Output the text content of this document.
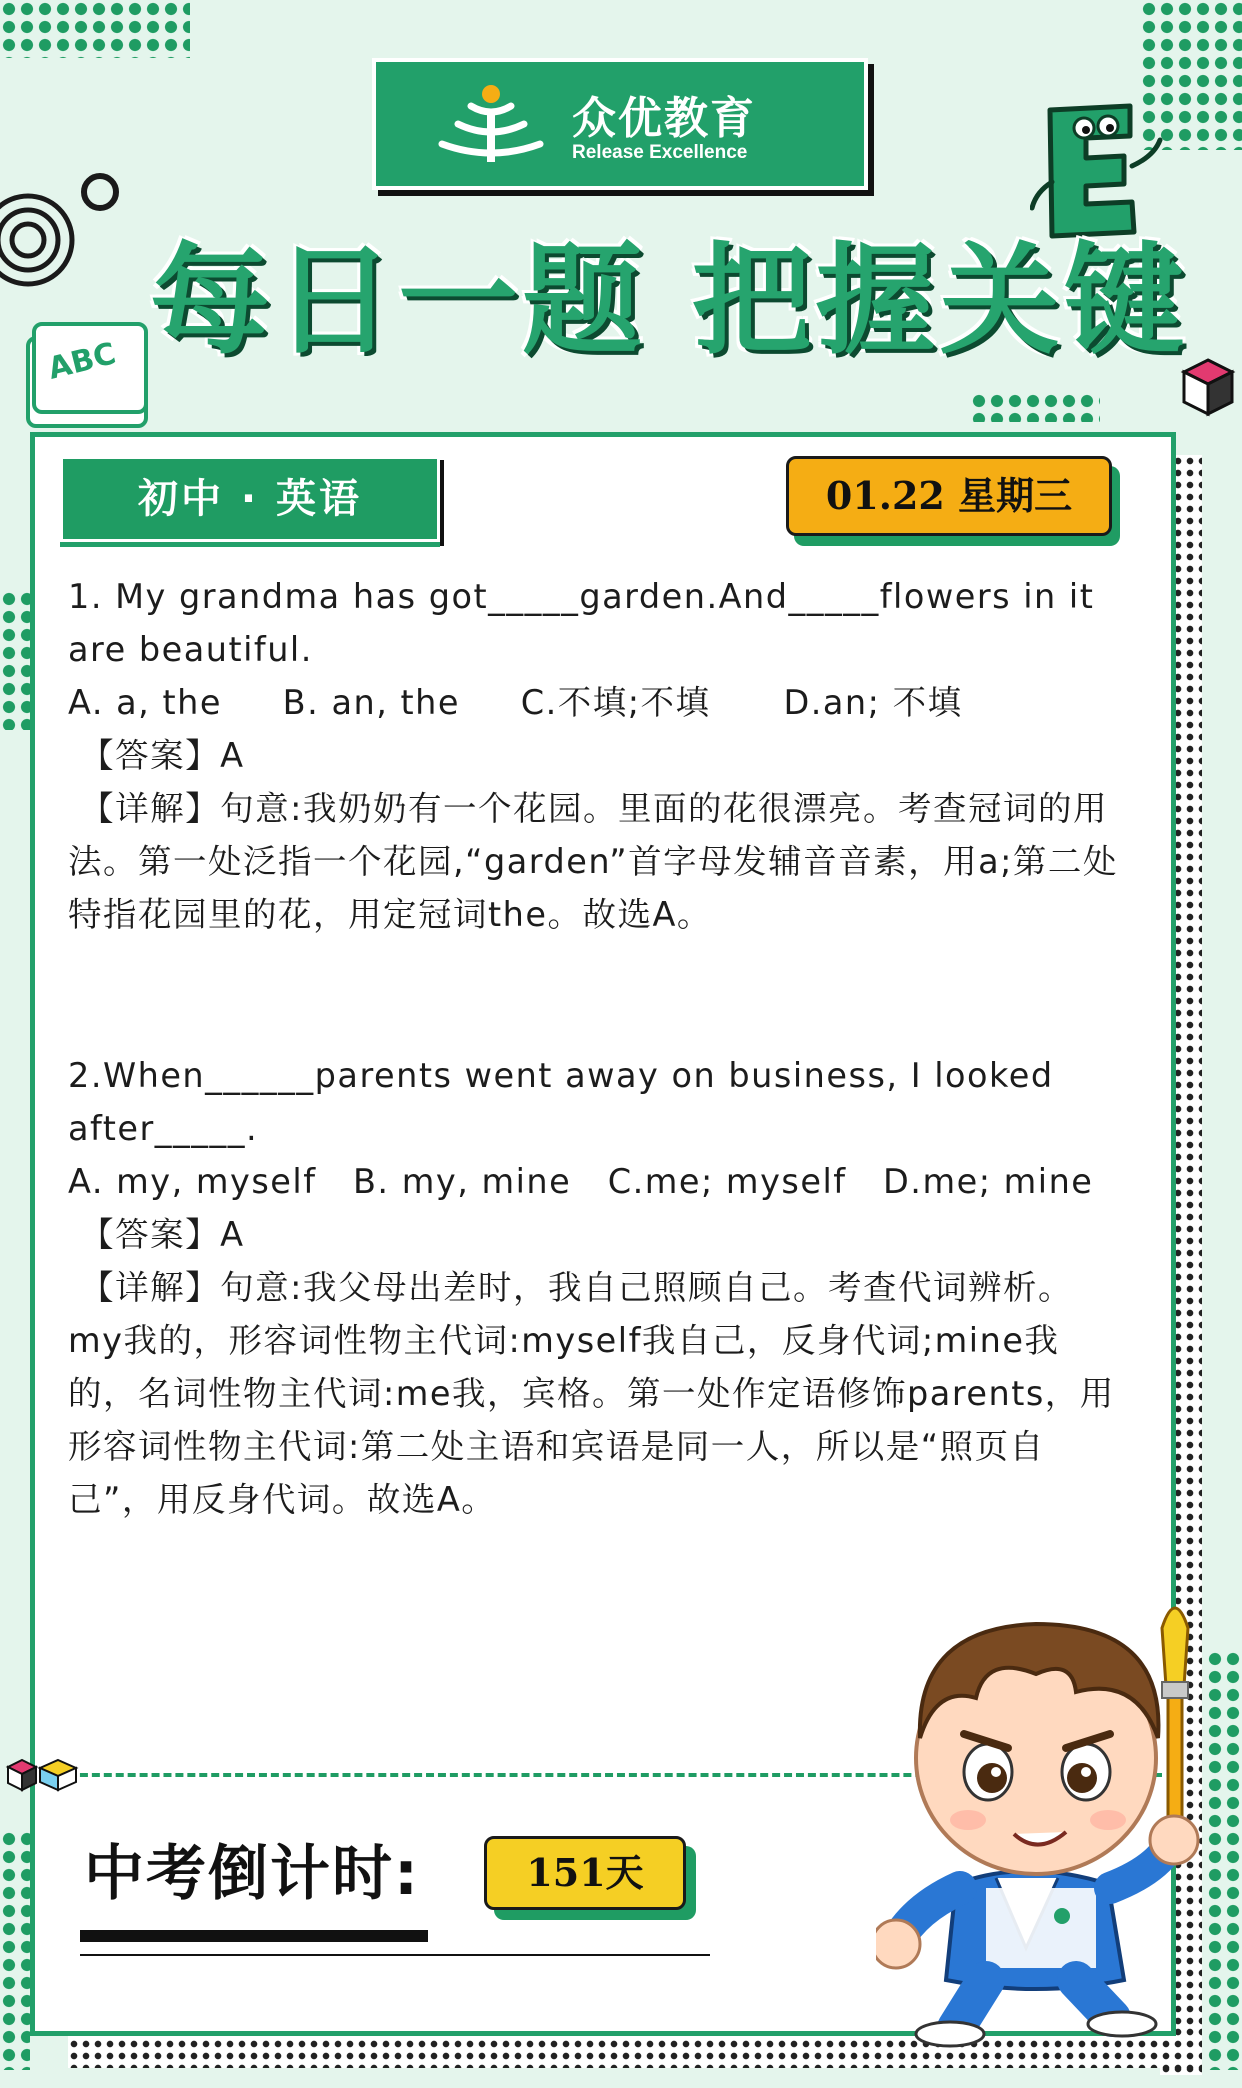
ABC
众优教育
Release Excellence
每日一题 把握关键
初中 · 英语	01.22 星期三

1. My grandma has got_____garden.And_____flowers in it are beautiful.

A. a, the     B. an, the     C.不填;不填      D.an; 不填

【答案】A

【详解】句意:我奶奶有一个花园。里面的花很漂亮。考查冠词的用法。第一处泛指一个花园,“garden”首字母发辅音音素，用a;第二处特指花园里的花，用定冠词the。故选A。

2.When______parents went away on business, I looked after_____.

A. my, myself   B. my, mine   C.me; myself   D.me; mine

【答案】A

【详解】句意:我父母出差时，我自己照顾自己。考查代词辨析。my我的，形容词性物主代词:myself我自己，反身代词;mine我的，名词性物主代词:me我，宾格。第一处作定语修饰parents，用形容词性物主代词:第二处主语和宾语是同一人，所以是“照页自己”，用反身代词。故选A。

中考倒计时:	151天
